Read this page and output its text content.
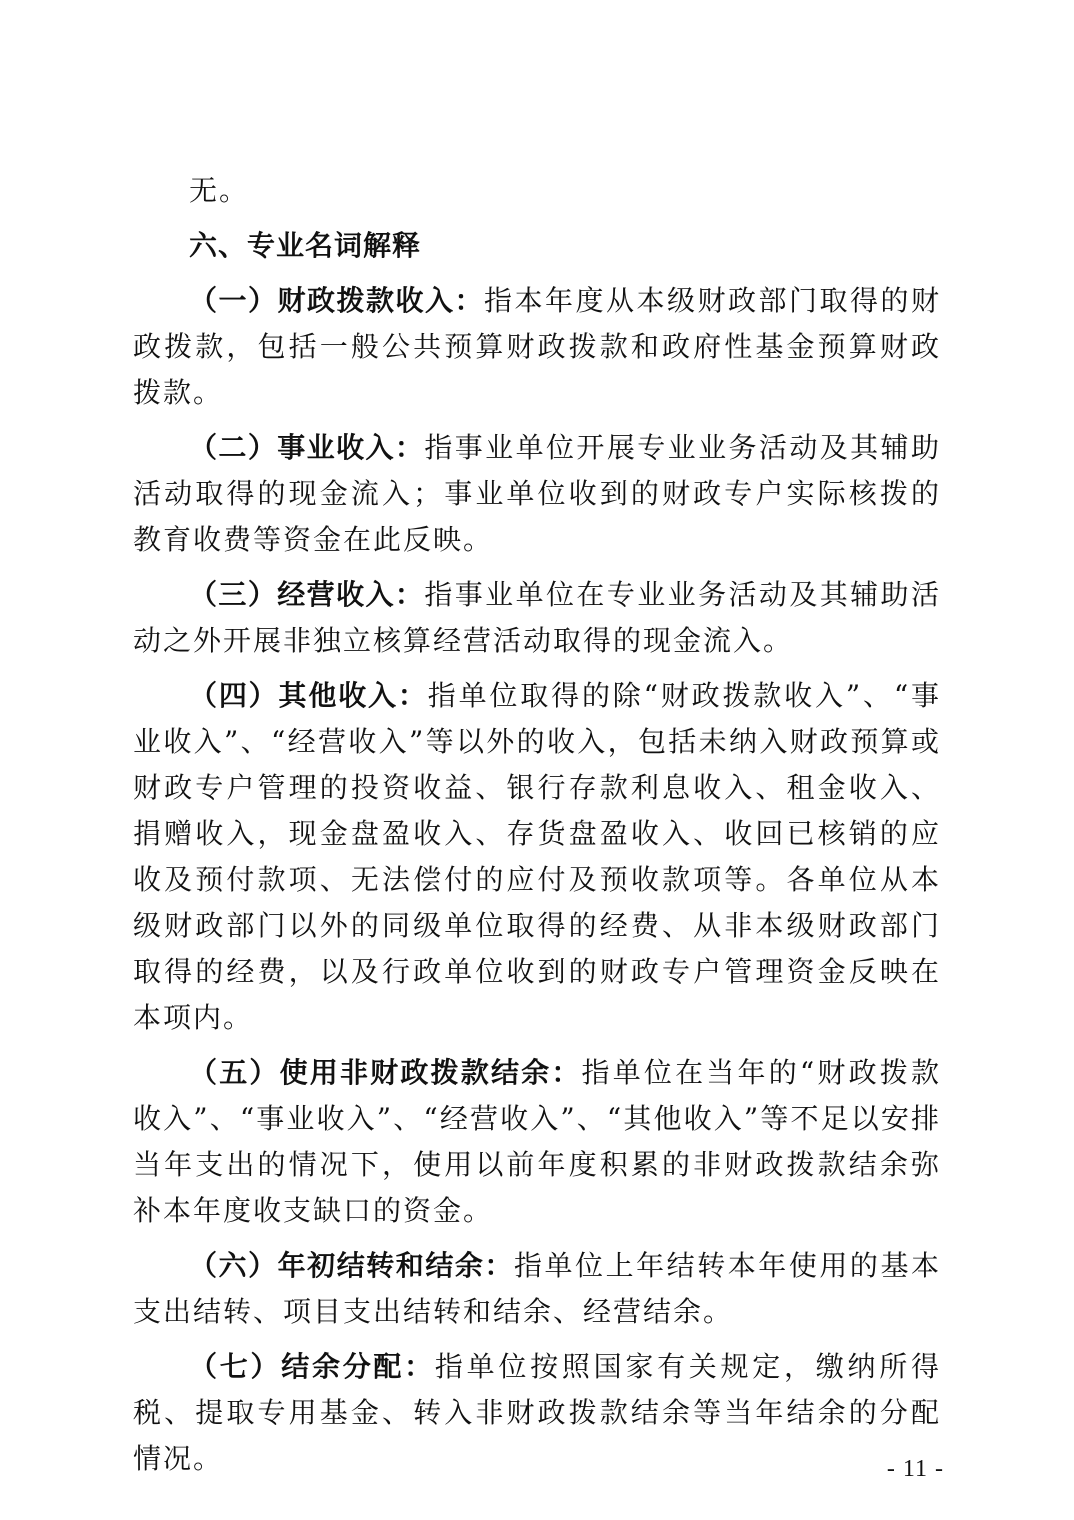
无。

六、专业名词解释

（一）财政拨款收入：指本年度从本级财政部门取得的财政拨款，包括一般公共预算财政拨款和政府性基金预算财政拨款。

（二）事业收入：指事业单位开展专业业务活动及其辅助活动取得的现金流入；事业单位收到的财政专户实际核拨的教育收费等资金在此反映。

（三）经营收入：指事业单位在专业业务活动及其辅助活动之外开展非独立核算经营活动取得的现金流入。

（四）其他收入：指单位取得的除“财政拨款收入”、“事业收入”、“经营收入”等以外的收入，包括未纳入财政预算或财政专户管理的投资收益、银行存款利息收入、租金收入、捐赠收入，现金盘盈收入、存货盘盈收入、收回已核销的应收及预付款项、无法偿付的应付及预收款项等。各单位从本级财政部门以外的同级单位取得的经费、从非本级财政部门取得的经费，以及行政单位收到的财政专户管理资金反映在本项内。

（五）使用非财政拨款结余：指单位在当年的“财政拨款收入”、“事业收入”、“经营收入”、“其他收入”等不足以安排当年支出的情况下，使用以前年度积累的非财政拨款结余弥补本年度收支缺口的资金。

（六）年初结转和结余：指单位上年结转本年使用的基本支出结转、项目支出结转和结余、经营结余。

（七）结余分配：指单位按照国家有关规定，缴纳所得税、提取专用基金、转入非财政拨款结余等当年结余的分配情况。	- 11 -
